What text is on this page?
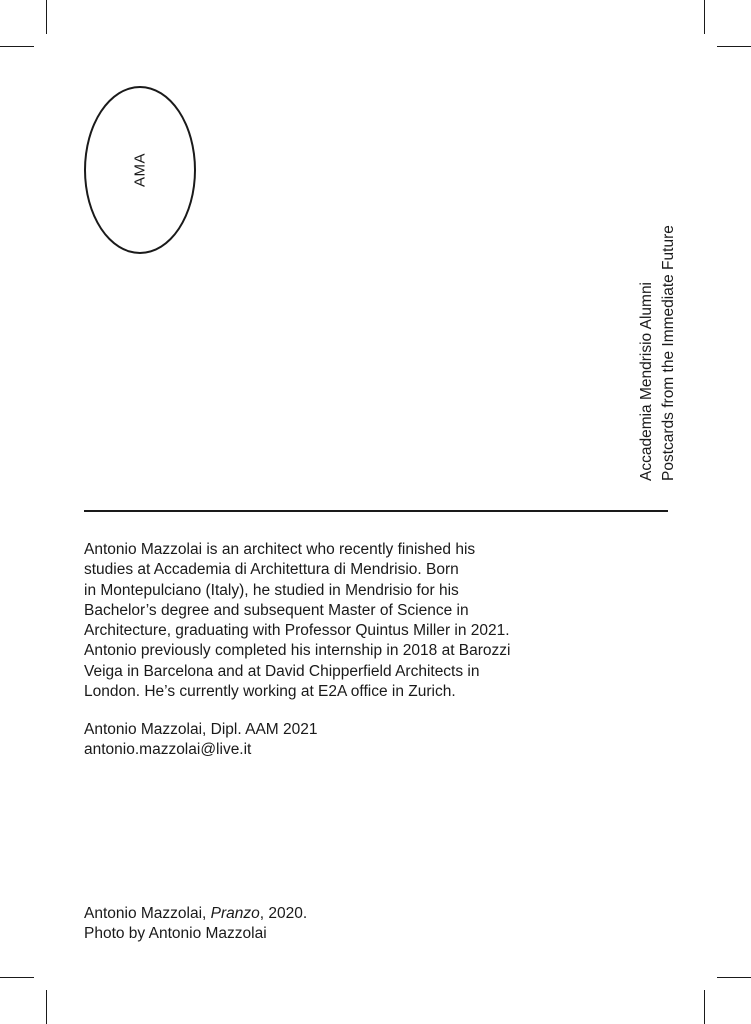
AMA
Accademia Mendrisio Alumni Postcards from the Immediate Future
Antonio Mazzolai is an architect who recently finished his
studies at Accademia di Architettura di Mendrisio. Born
in Montepulciano (Italy), he studied in Mendrisio for his
Bachelor’s degree and subsequent Master of Science in
Architecture, graduating with Professor Quintus Miller in 2021.
Antonio previously completed his internship in 2018 at Barozzi
Veiga in Barcelona and at David Chipperfield Architects in
London. He’s currently working at E2A office in Zurich.
Antonio Mazzolai, Dipl. AAM 2021
antonio.mazzolai@live.it
Antonio Mazzolai, Pranzo, 2020.
Photo by Antonio Mazzolai
